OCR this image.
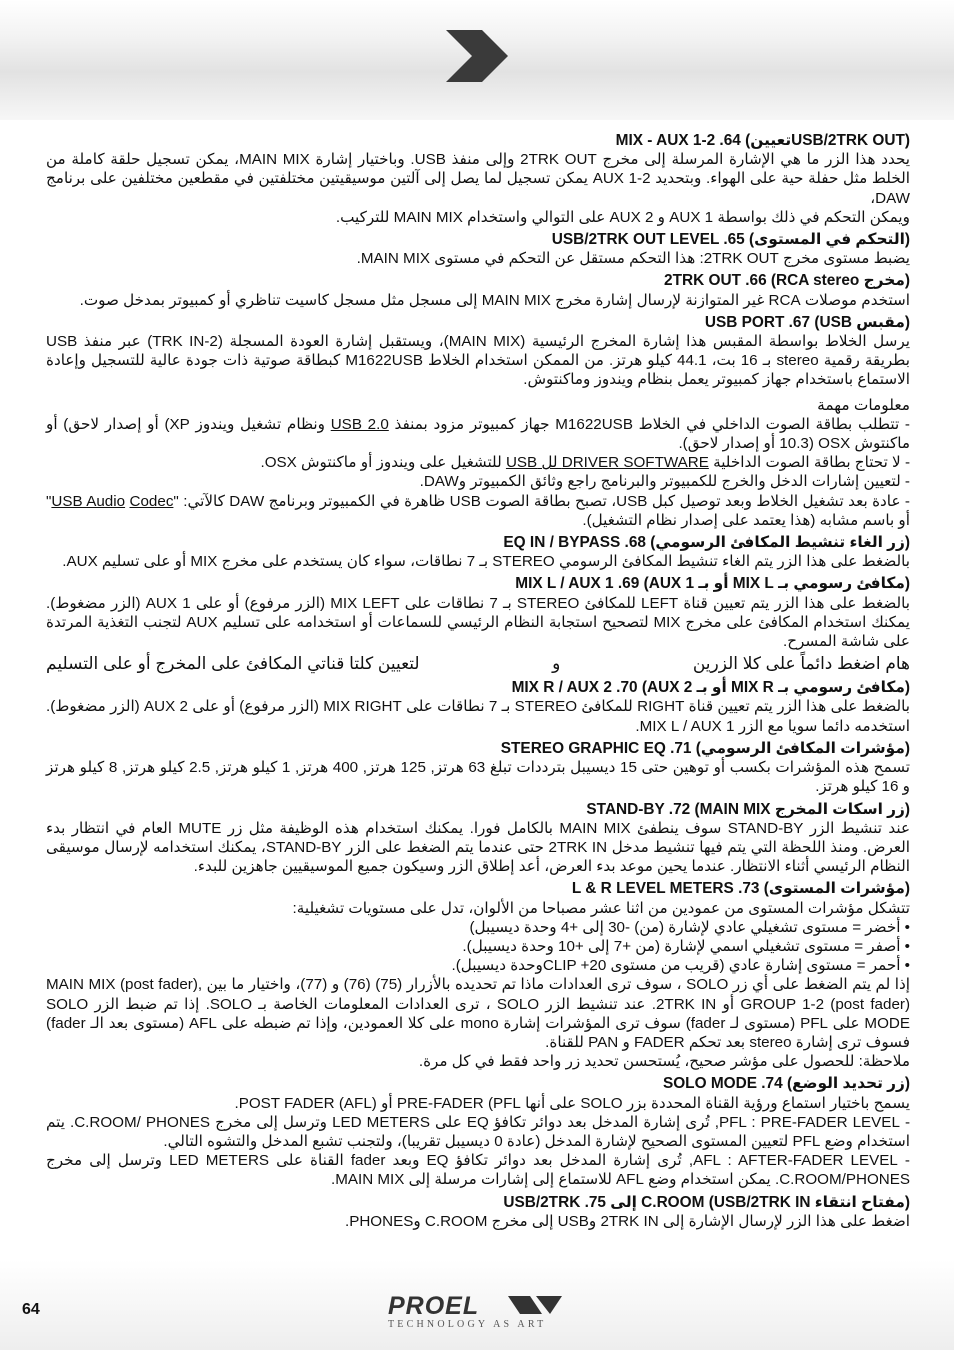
(USB/2TRK OUTتعيين) MIX - AUX 1-2 .64

يحدد هذا الزر ما هي الإشارة المرسلة إلى مخرج 2TRK OUT وإلى منفذ USB. وباختيار إشارة MAIN MIX، يمكن تسجيل حلقة كاملة من الخلط مثل حفلة حية على الهواء. وبتحديد AUX 1-2 يمكن تسجيل لما يصل إلى آلتين موسيقيتين مختلفتين في مقطعين مختلفين على برنامج DAW،

ويمكن التحكم في ذلك بواسطة AUX 1 و AUX 2 على التوالي واستخدام MAIN MIX للتركيب.

(التحكم في المستوى) USB/2TRK OUT LEVEL .65

يضبط مستوى مخرج 2TRK OUT: هذا التحكم مستقل عن التحكم في مستوى MAIN MIX.

(مخرج RCA stereo) 2TRK OUT .66

استخدم موصلات RCA غير المتوازنة لإرسال إشارة مخرج MAIN MIX إلى مسجل مثل مسجل كاسيت تناظري أو كمبيوتر بمدخل صوت.

(مقبس USB) USB PORT .67

يرسل الخلاط بواسطة المقبس هذا إشارة المخرج الرئيسية (MAIN MIX)، ويستقبل إشارة العودة المسجلة (2-TRK IN) عبر منفذ USB بطريقة رقمية stereo بـ 16 بت، 44.1 كيلو هرتز. من الممكن استخدام الخلاط M1622USB كبطاقة صوتية ذات جودة عالية للتسجيل وإعادة الاستماع باستخدام جهاز كمبيوتر يعمل بنظام ويندوز وماكنتوش.

معلومات مهمة

- تتطلب بطاقة الصوت الداخلي في الخلاط M1622USB جهاز كمبيوتر مزود بمنفذ USB 2.0 ونظام تشغيل ويندوز XP) أو إصدار لاحق) أو ماكنتوش OSX (10.3 أو إصدار لاحق).

- لا تحتاج بطاقة الصوت الداخلية DRIVER SOFTWARE لل USB للتشغيل على ويندوز أو ماكنتوش OSX.

- لتعيين إشارات الدخل والخرج للكمبيوتر والبرنامج راجع وثائق الكمبيوتر وDAW.

- عادة بعد تشغيل الخلاط وبعد توصيل كبل USB، تصبح بطاقة الصوت USB ظاهرة في الكمبيوتر وبرنامج DAW كالآتي: "USB Audio Codec" أو باسم مشابه (هذا يعتمد على إصدار نظام التشغيل).

(زر الغاء تنشيط المكافئ الرسومي) EQ IN / BYPASS .68

بالضغط على هذا الزر يتم الغاء تنشيط المكافئ الرسومي STEREO بـ 7 نطاقات، سواء كان يستخدم على مخرج MIX أو على تسليم AUX.

(مكافئ رسومي بـ MIX L أو بـ AUX 1) MIX L / AUX 1 .69

بالضغط على هذا الزر يتم تعيين قناة LEFT للمكافئ STEREO بـ 7 نطاقات على MIX LEFT (الزر مرفوع) أو على AUX 1 (الزر مضغوط). يمكنك استخدام المكافئ على مخرج MIX لتصحيح استجابة النظام الرئيسي للسماعات أو استخدامه على تسليم AUX لتجنب التغذية المرتدة على شاشة المسرح.

هام اضغط دائماً على كلا الزرين
و
لتعيين كلتا قناتي المكافئ على المخرج أو على التسليم
(مكافئ رسومي بـ MIX R أو بـ AUX 2) MIX R / AUX 2 .70

بالضغط على هذا الزر يتم تعيين قناة RIGHT للمكافئ STEREO بـ 7 نطاقات على MIX RIGHT (الزر مرفوع) أو على AUX 2 (الزر مضغوط). استخدمه دائما سويا مع الزر MIX L / AUX 1.

(مؤشرات المكافئ الرسومي) STEREO GRAPHIC EQ .71

تسمح هذه المؤشرات بكسب أو توهين حتى 15 ديسيبل بترددات تبلغ 63 هرتز, 125 هرتز, 400 هرتز, 1 كيلو هرتز, 2.5 كيلو هرتز, 8 كيلو هرتز و 16 كيلو هرتز.

(زر اسكات المخرج MAIN MIX) STAND-BY .72

عند تنشيط الزر STAND-BY سوف ينطفئ MAIN MIX بالكامل فورا. يمكنك استخدام هذه الوظيفة مثل زر MUTE العام في انتظار بدء العرض. ومنذ اللحظة التي يتم فيها تنشيط مدخل 2TRK IN حتى عندما يتم الضغط على الزر STAND-BY، يمكنك استخدامه لإرسال موسيقى النظام الرئيسي أثناء الانتظار. عندما يحين موعد بدء العرض، أعد إطلاق الزر وسيكون جميع الموسيقيين جاهزين للبدء.

(مؤشرات المستوى) L & R LEVEL METERS .73

تتشكل مؤشرات المستوى من عمودين من اثنا عشر مصباحا من الألوان، تدل على مستويات تشغيلية:

• أخضر = مستوى تشغيلي عادي لإشارة (من) -30 إلى +4 وحدة ديسيبل)

• أصفر = مستوى تشغيلي اسمي لإشارة (من +7 إلى +10 وحدة ديسيبل).

• أحمر = مستوى إشارة عادي (قريب من مستوى CLIP +20وحدة ديسيبل).

إذا لم يتم الضغط على أي زر SOLO ، سوف ترى العدادات ماذا تم تحديده بالأزرار (75) (76) و (77)، واختيار ما بين MAIN MIX (post fader), GROUP 1-2 (post fader) أو 2TRK IN. عند تنشيط الزر SOLO ، ترى العدادات المعلومات الخاصة بـ SOLO. إذا تم ضبط الزر SOLO MODE على PFL (مستوى لـ fader) سوف ترى المؤشرات إشارة mono على كلا العمودين، وإذا تم ضبطه على AFL (مستوى بعد الـ fader) فسوف ترى إشارة stereo بعد تحكم FADER و PAN للقناة.

ملاحظة: للحصول على مؤشر صحيح، يُستحسن تحديد زر واحد فقط في كل مرة.

(زر تحديد الوضع) SOLO MODE .74

يسمح باختيار استماع ورؤية القناة المحددة بزر SOLO على أنها PRE-FADER (PFL أو (POST FADER (AFL.

- PFL : PRE-FADER LEVEL, تُرى إشارة المدخل بعد دوائر تكافؤ EQ على LED METERS وترسل إلى مخرج C.ROOM/ PHONES. يتم استخدام وضع PFL لتعيين المستوى الصحيح لإشارة المدخل (عادة 0 ديسيبل تقريبا)، ولتجنب تشبع المدخل والتشوه التالي.

- AFL : AFTER-FADER LEVEL, تُرى إشارة المدخل بعد دوائر تكافؤ EQ وبعد fader القناة على LED METERS وترسل إلى مخرج C.ROOM/PHONES. يمكن استخدام وضع AFL للاستماع إلى إشارات مرسلة إلى MAIN MIX.

(مفتاح انتقاء USB/2TRK IN) C.ROOM إلى USB/2TRK .75

اضغط على هذا الزر لإرسال الإشارة إلى 2TRK IN وUSB إلى مخرج C.ROOM وPHONES.

64	PROEL
TECHNOLOGY AS ART
